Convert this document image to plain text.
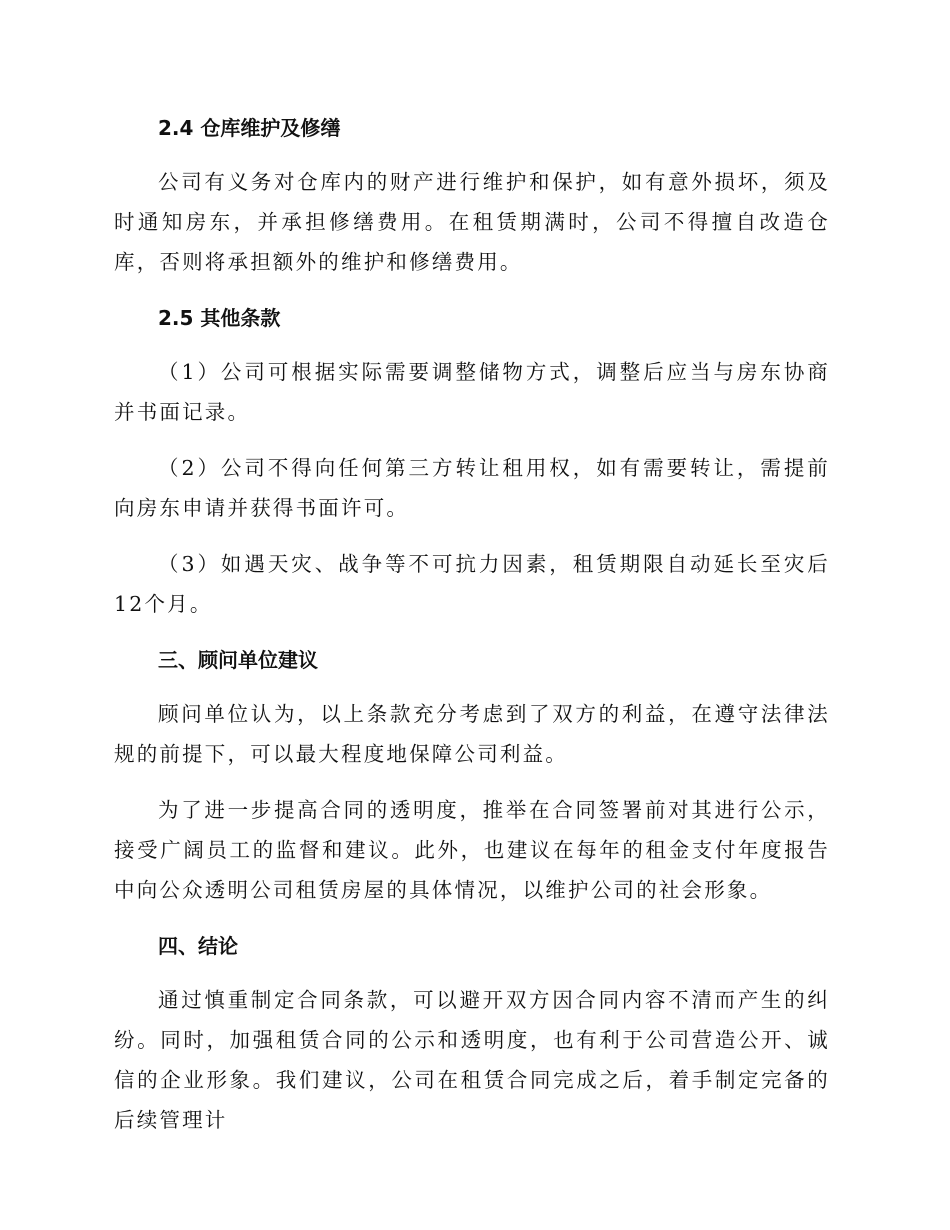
2.4 仓库维护及修缮

公司有义务对仓库内的财产进行维护和保护，如有意外损坏，须及时通知房东，并承担修缮费用。在租赁期满时，公司不得擅自改造仓库，否则将承担额外的维护和修缮费用。

2.5 其他条款

（1）公司可根据实际需要调整储物方式，调整后应当与房东协商并书面记录。

（2）公司不得向任何第三方转让租用权，如有需要转让，需提前向房东申请并获得书面许可。

（3）如遇天灾、战争等不可抗力因素，租赁期限自动延长至灾后12个月。

三、顾问单位建议

顾问单位认为，以上条款充分考虑到了双方的利益，在遵守法律法规的前提下，可以最大程度地保障公司利益。

为了进一步提高合同的透明度，推举在合同签署前对其进行公示，接受广阔员工的监督和建议。此外，也建议在每年的租金支付年度报告中向公众透明公司租赁房屋的具体情况，以维护公司的社会形象。

四、结论

通过慎重制定合同条款，可以避开双方因合同内容不清而产生的纠纷。同时，加强租赁合同的公示和透明度，也有利于公司营造公开、诚信的企业形象。我们建议，公司在租赁合同完成之后，着手制定完备的后续管理计
